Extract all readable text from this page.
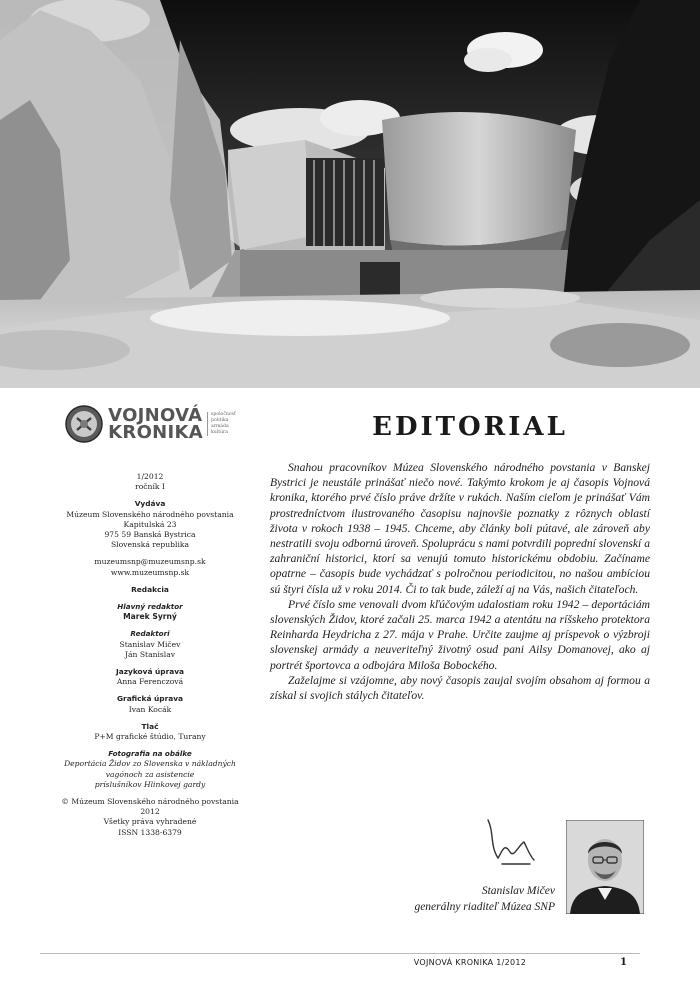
VOJNOVÁ
KRONIKA
spoločnosť
politika
armáda
kultúra
1/2012
ročník I
Vydáva
Múzeum Slovenského národného povstania
Kapitulská 23
975 59 Banská Bystrica
Slovenská republika
muzeumsnp@muzeumsnp.sk
www.muzeumsnp.sk
Redakcia
Hlavný redaktor
Marek Syrný
Redaktori
Stanislav Mičev
Ján Stanislav
Jazyková úprava
Anna Ferenczová
Grafická úprava
Ivan Kocák
Tlač
P+M grafické štúdio, Turany
Fotografia na obálke
Deportácia Židov zo Slovenska v nákladných
vagónoch za asistencie
príslušníkov Hlinkovej gardy
© Múzeum Slovenského národného povstania
2012
Všetky práva vyhradené
ISSN 1338-6379
EDITORIAL

Snahou pracovníkov Múzea Slovenského národného povstania v Banskej Bystrici je neustále prinášať niečo nové. Takýmto krokom je aj časopis Vojnová kronika, ktorého prvé číslo práve držíte v rukách. Naším cieľom je prinášať Vám prostredníctvom ilustrovaného časopisu najnovšie poznatky z rôznych oblastí života v rokoch 1938 – 1945. Chceme, aby články boli pútavé, ale zároveň aby nestratili svoju odbornú úroveň. Spoluprácu s nami potvrdili poprední slovenskí a zahraniční historici, ktorí sa venujú tomuto historickému obdobiu. Začíname opatrne – časopis bude vychádzať s polročnou periodicitou, no našou ambíciou sú štyri čísla už v roku 2014. Či to tak bude, záleží aj na Vás, našich čitateľoch.

Prvé číslo sme venovali dvom kľúčovým udalostiam roku 1942 – deportáciám slovenských Židov, ktoré začali 25. marca 1942 a atentátu na ríšskeho protektora Reinharda Heydricha z 27. mája v Prahe. Určite zaujme aj príspevok o výzbroji slovenskej armády a neuveriteľný životný osud pani Ailsy Domanovej, ako aj portrét športovca a odbojára Miloša Bobockého.

Zaželajme si vzájomne, aby nový časopis zaujal svojím obsahom aj formou a získal si svojich stálych čitateľov.

Stanislav Mičev
generálny riaditeľ Múzea SNP
VOJNOVÁ KRONIKA 1/2012	1
